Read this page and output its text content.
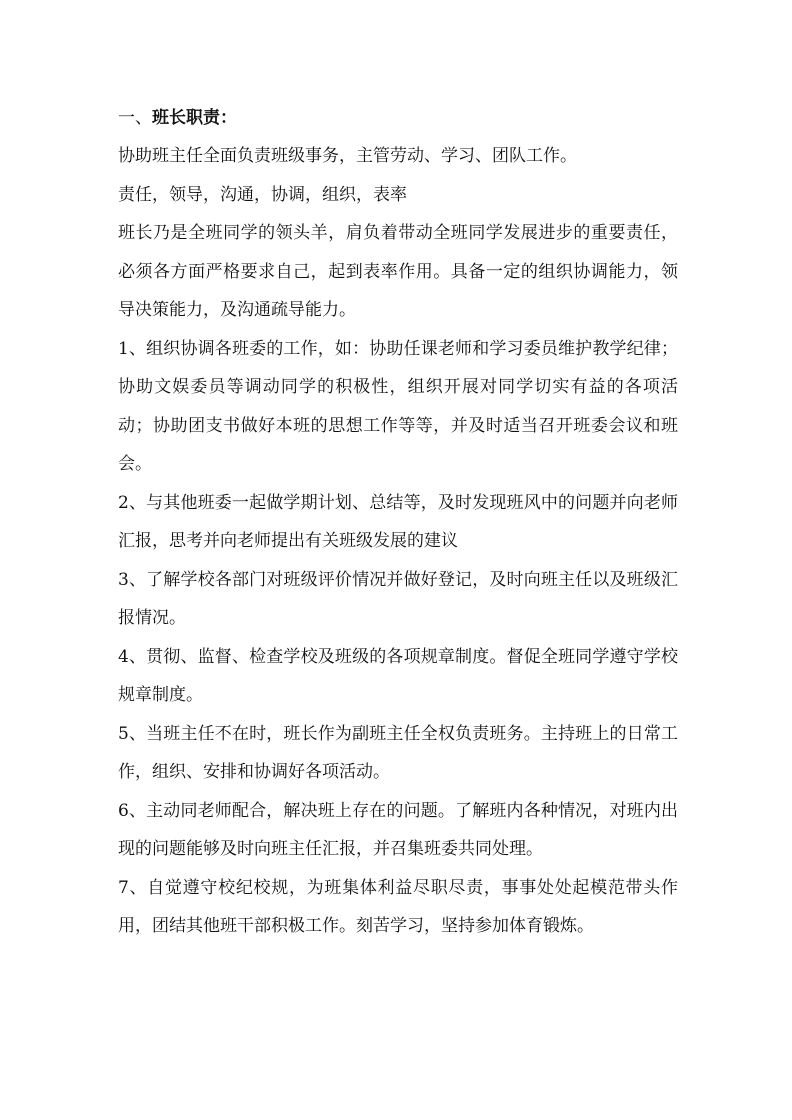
一、班长职责：

协助班主任全面负责班级事务，主管劳动、学习、团队工作。

责任，领导，沟通，协调，组织，表率

班长乃是全班同学的领头羊，肩负着带动全班同学发展进步的重要责任，必须各方面严格要求自己，起到表率作用。具备一定的组织协调能力，领导决策能力，及沟通疏导能力。

1、组织协调各班委的工作，如：协助任课老师和学习委员维护教学纪律；协助文娱委员等调动同学的积极性，组织开展对同学切实有益的各项活动；协助团支书做好本班的思想工作等等，并及时适当召开班委会议和班会。

2、与其他班委一起做学期计划、总结等，及时发现班风中的问题并向老师汇报，思考并向老师提出有关班级发展的建议

3、了解学校各部门对班级评价情况并做好登记，及时向班主任以及班级汇报情况。

4、贯彻、监督、检查学校及班级的各项规章制度。督促全班同学遵守学校规章制度。

5、当班主任不在时，班长作为副班主任全权负责班务。主持班上的日常工作，组织、安排和协调好各项活动。

6、主动同老师配合，解决班上存在的问题。了解班内各种情况，对班内出现的问题能够及时向班主任汇报，并召集班委共同处理。

7、自觉遵守校纪校规，为班集体利益尽职尽责，事事处处起模范带头作用，团结其他班干部积极工作。刻苦学习，坚持参加体育锻炼。
